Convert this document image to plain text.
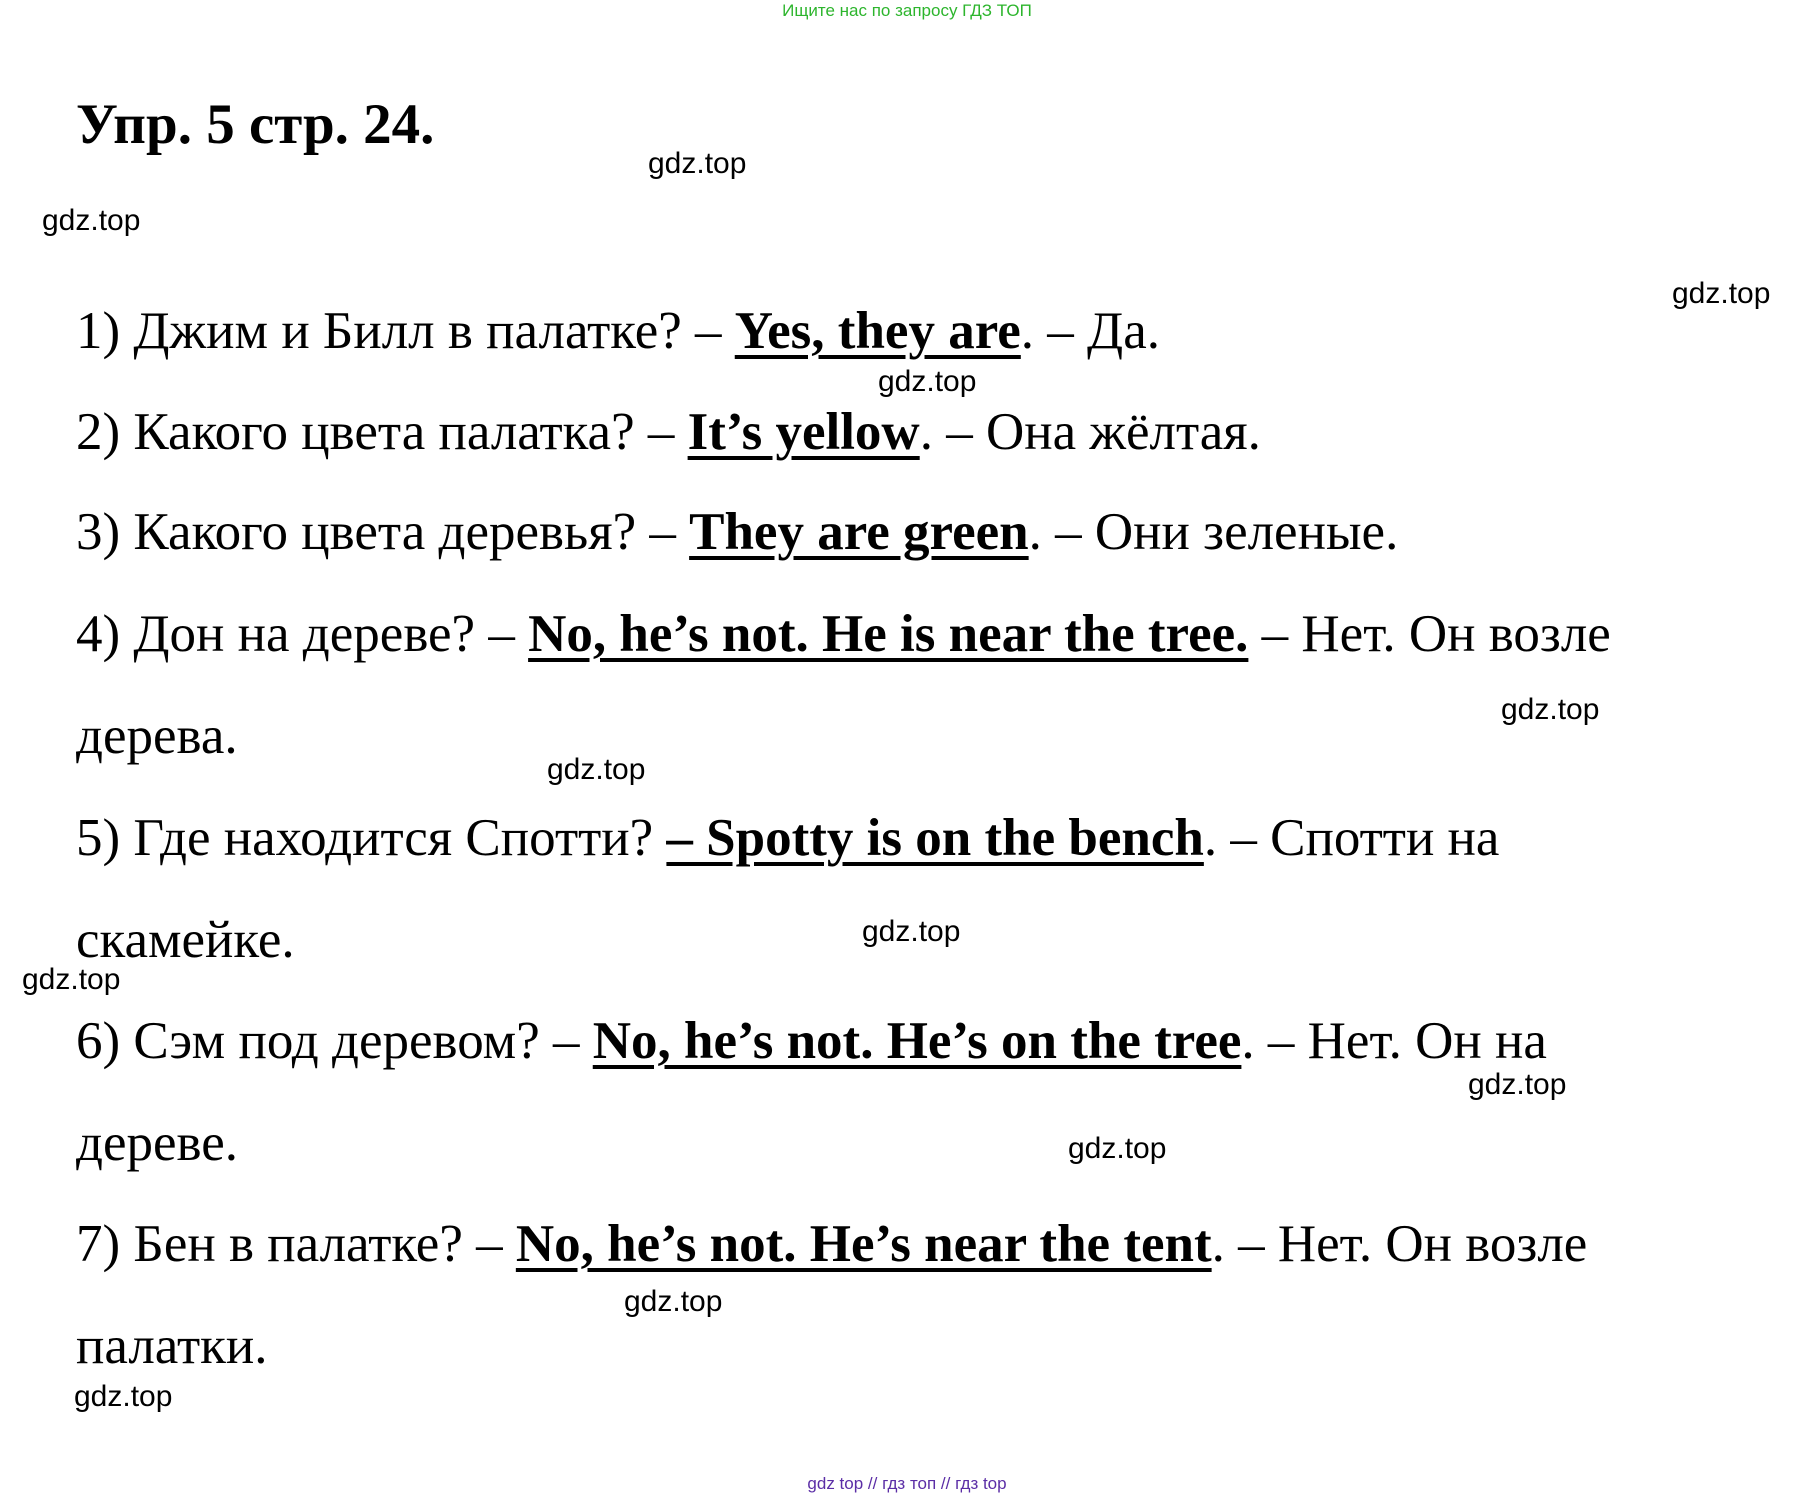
Ищите нас по запросу ГДЗ ТОП
Упр. 5 стр. 24.

1) Джим и Билл в палатке? – Yes, they are. – Да.

2) Какого цвета палатка? – It’s yellow. – Она жёлтая.

3) Какого цвета деревья? – They are green. – Они зеленые.

4) Дон на дереве? – No, he’s not. He is near the tree. – Нет. Он возле
дерева.

5) Где находится Спотти? – Spotty is on the bench. – Спотти на
скамейке.

6) Сэм под деревом? – No, he’s not. He’s on the tree. – Нет. Он на
дереве.

7) Бен в палатке? – No, he’s not. He’s near the tent. – Нет. Он возле
палатки.

gdz.top
gdz.top
gdz.top
gdz.top
gdz.top
gdz.top
gdz.top
gdz.top
gdz.top
gdz.top
gdz.top
gdz.top
gdz top // гдз топ // гдз top
